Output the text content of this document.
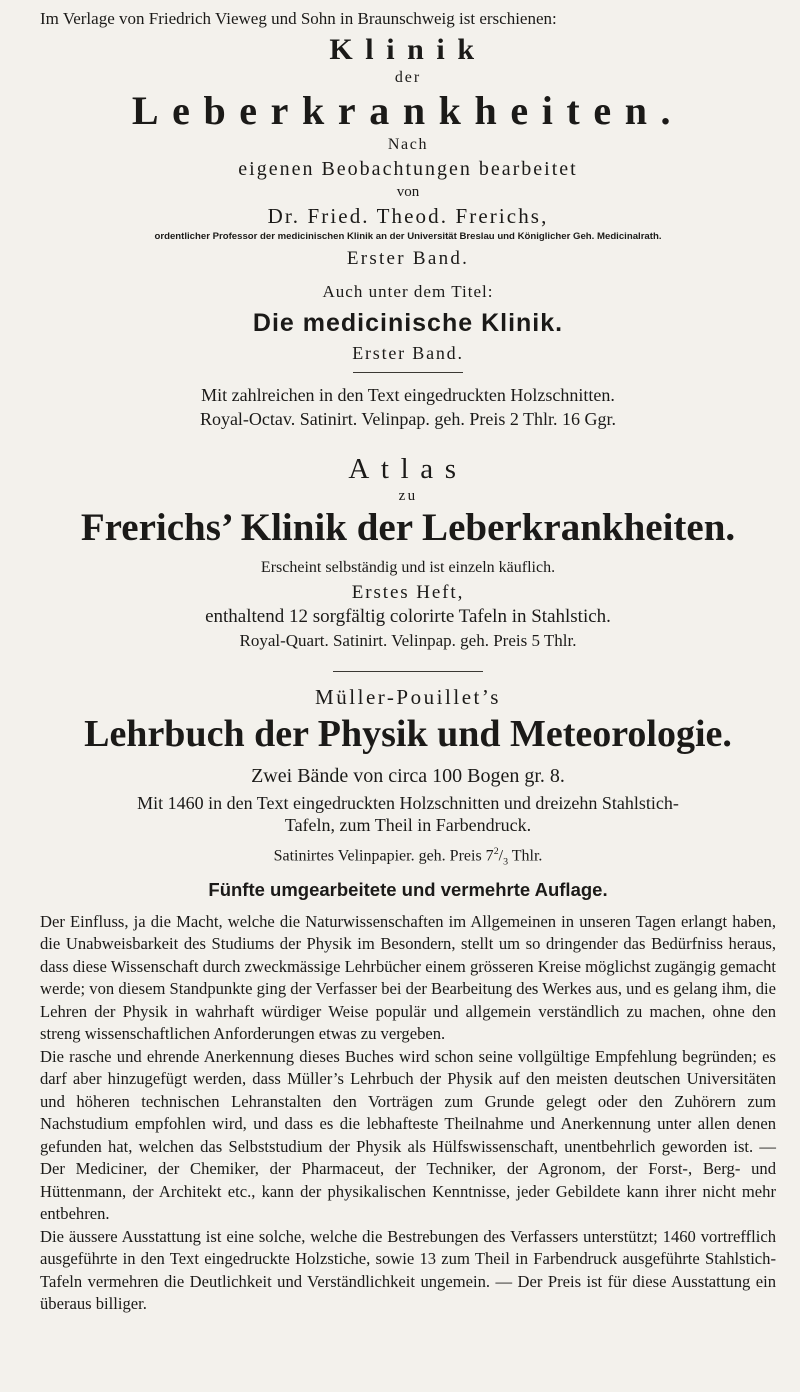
Im Verlage von Friedrich Vieweg und Sohn in Braunschweig ist erschienen:
Klinik
der
Leberkrankheiten.
Nach
eigenen Beobachtungen bearbeitet
von
Dr. Fried. Theod. Frerichs,
ordentlicher Professor der medicinischen Klinik an der Universität Breslau und Königlicher Geh. Medicinalrath.
Erster Band.
Auch unter dem Titel:
Die medicinische Klinik.
Erster Band.
Mit zahlreichen in den Text eingedruckten Holzschnitten.
Royal-Octav. Satinirt. Velinpap. geh. Preis 2 Thlr. 16 Ggr.
Atlas
zu
Frerichs’ Klinik der Leberkrankheiten.
Erscheint selbständig und ist einzeln käuflich.
Erstes Heft,
enthaltend 12 sorgfältig colorirte Tafeln in Stahlstich.
Royal-Quart. Satinirt. Velinpap. geh. Preis 5 Thlr.
Müller-Pouillet’s
Lehrbuch der Physik und Meteorologie.
Zwei Bände von circa 100 Bogen gr. 8.
Mit 1460 in den Text eingedruckten Holzschnitten und dreizehn Stahlstich-
Tafeln, zum Theil in Farbendruck.
Satinirtes Velinpapier. geh. Preis $7^2/_3$ Thlr.
Fünfte umgearbeitete und vermehrte Auflage.

Der Einfluss, ja die Macht, welche die Naturwissenschaften im Allgemeinen in unseren Tagen erlangt haben, die Unabweisbarkeit des Studiums der Physik im Besondern, stellt um so dringender das Bedürfniss heraus, dass diese Wissenschaft durch zweckmässige Lehrbücher einem grösseren Kreise möglichst zugängig gemacht werde; von diesem Standpunkte ging der Verfasser bei der Bearbeitung des Werkes aus, und es gelang ihm, die Lehren der Physik in wahrhaft würdiger Weise populär und allgemein verständlich zu machen, ohne den streng wissenschaftlichen Anforderungen etwas zu vergeben.

Die rasche und ehrende Anerkennung dieses Buches wird schon seine vollgültige Empfehlung begründen; es darf aber hinzugefügt werden, dass Müller’s Lehrbuch der Physik auf den meisten deutschen Universitäten und höheren technischen Lehranstalten den Vorträgen zum Grunde gelegt oder den Zuhörern zum Nachstudium empfohlen wird, und dass es die lebhafteste Theilnahme und Anerkennung unter allen denen gefunden hat, welchen das Selbststudium der Physik als Hülfswissenschaft, unentbehrlich geworden ist. — Der Mediciner, der Chemiker, der Pharmaceut, der Techniker, der Agronom, der Forst-, Berg- und Hüttenmann, der Architekt etc., kann der physikalischen Kenntnisse, jeder Gebildete kann ihrer nicht mehr entbehren.

Die äussere Ausstattung ist eine solche, welche die Bestrebungen des Verfassers unterstützt; 1460 vortrefflich ausgeführte in den Text eingedruckte Holzstiche, sowie 13 zum Theil in Farbendruck ausgeführte Stahlstich-Tafeln vermehren die Deutlichkeit und Verständlichkeit ungemein. — Der Preis ist für diese Ausstattung ein überaus billiger.
